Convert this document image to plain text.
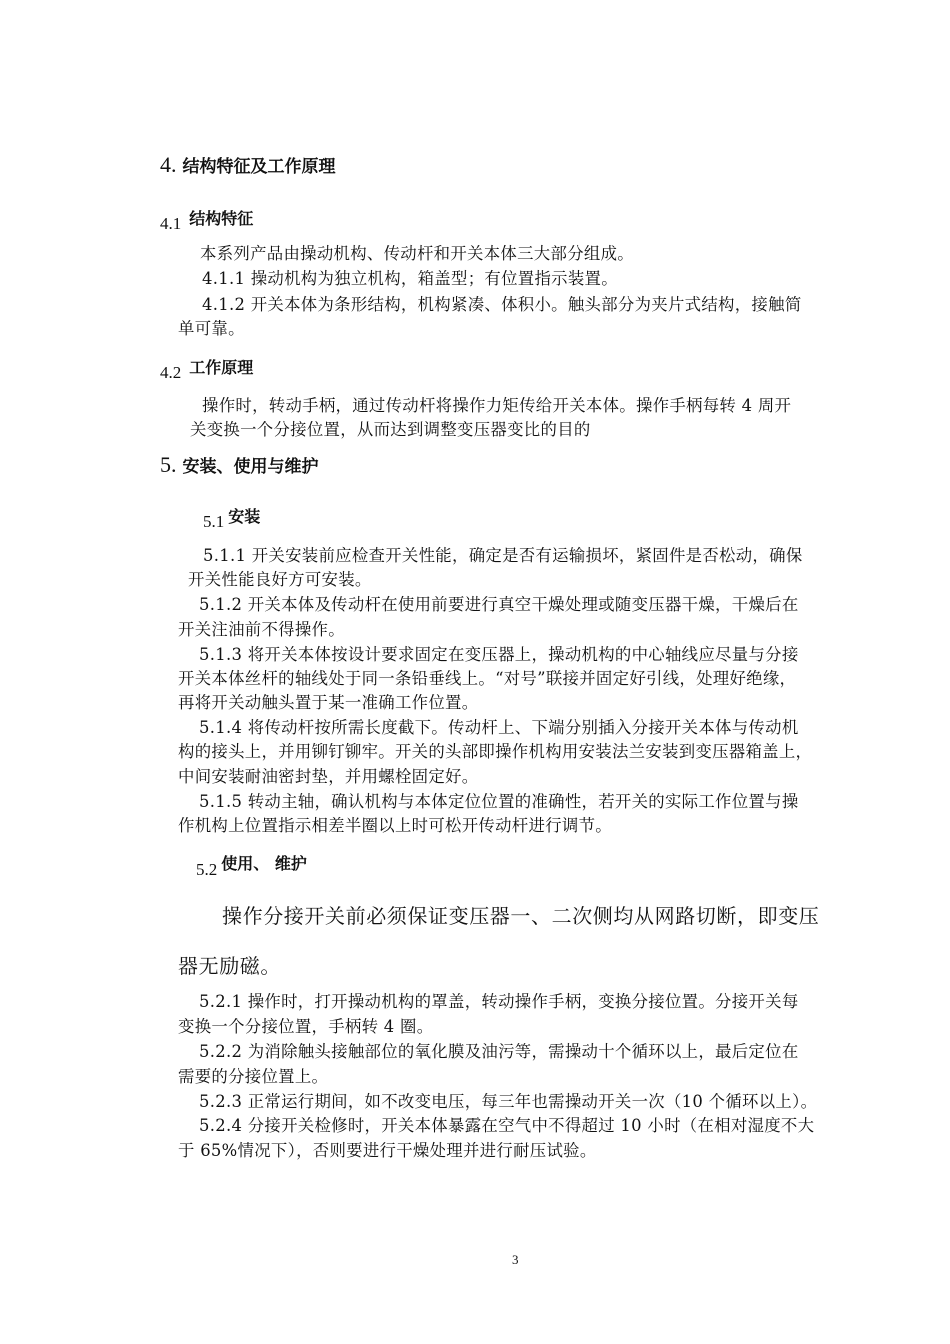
4. 结构特征及工作原理
4.1 结构特征
本系列产品由操动机构、传动杆和开关本体三大部分组成。
4.1.1 操动机构为独立机构，箱盖型；有位置指示装置。
4.1.2 开关本体为条形结构，机构紧凑、体积小。触头部分为夹片式结构，接触简
单可靠。
4.2 工作原理
操作时，转动手柄，通过传动杆将操作力矩传给开关本体。操作手柄每转 4 周开
关变换一个分接位置，从而达到调整变压器变比的目的
5. 安装、使用与维护
5.1 安装
5.1.1 开关安装前应检查开关性能，确定是否有运输损坏，紧固件是否松动，确保
开关性能良好方可安装。
5.1.2 开关本体及传动杆在使用前要进行真空干燥处理或随变压器干燥，干燥后在
开关注油前不得操作。
5.1.3 将开关本体按设计要求固定在变压器上，操动机构的中心轴线应尽量与分接
开关本体丝杆的轴线处于同一条铅垂线上。“对号”联接并固定好引线，处理好绝缘，
再将开关动触头置于某一准确工作位置。
5.1.4 将传动杆按所需长度截下。传动杆上、下端分别插入分接开关本体与传动机
构的接头上，并用铆钉铆牢。开关的头部即操作机构用安装法兰安装到变压器箱盖上，
中间安装耐油密封垫，并用螺栓固定好。
5.1.5 转动主轴，确认机构与本体定位位置的准确性，若开关的实际工作位置与操
作机构上位置指示相差半圈以上时可松开传动杆进行调节。
5.2 使用、 维护
操作分接开关前必须保证变压器一、二次侧均从网路切断，即变压
器无励磁。
5.2.1 操作时，打开操动机构的罩盖，转动操作手柄，变换分接位置。分接开关每
变换一个分接位置，手柄转 4 圈。
5.2.2 为消除触头接触部位的氧化膜及油污等，需操动十个循环以上，最后定位在
需要的分接位置上。
5.2.3 正常运行期间，如不改变电压，每三年也需操动开关一次（10 个循环以上）。
5.2.4 分接开关检修时，开关本体暴露在空气中不得超过 10 小时（在相对湿度不大
于 65%情况下），否则要进行干燥处理并进行耐压试验。
3
